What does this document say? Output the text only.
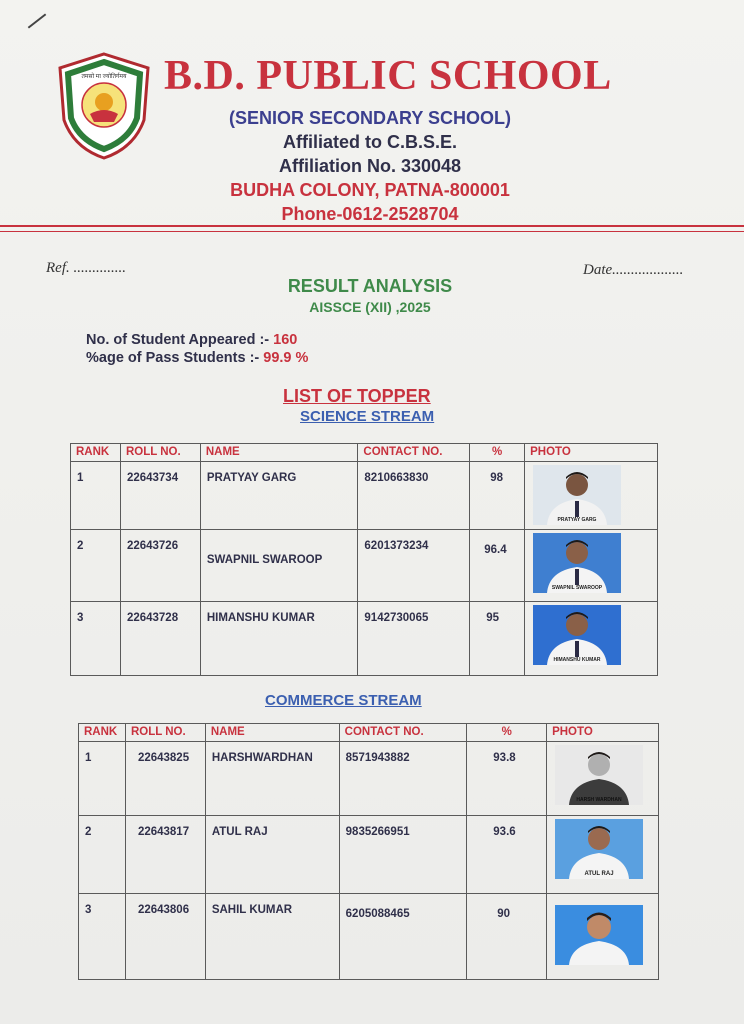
तमसो मा ज्योतिर्गमय B.D. PUBLIC SCHOOL
(SENIOR SECONDARY SCHOOL)
Affiliated to C.B.S.E.
Affiliation No. 330048
BUDHA COLONY, PATNA-800001
Phone-0612-2528704
Ref. ..............	Date...................
RESULT ANALYSIS
AISSCE (XII) ,2025
No. of Student Appeared :- 160
%age of Pass Students :- 99.9 %
LIST OF TOPPER
SCIENCE STREAM
RANK	ROLL NO.	NAME	CONTACT NO.	%	PHOTO
1	22643734	PRATYAY GARG	8210663830	98	PRATYAY GARG

2	22643726	SWAPNIL SWAROOP	6201373234	96.4	SWAPNIL SWAROOP

3	22643728	HIMANSHU KUMAR	9142730065	95	HIMANSHU KUMAR
COMMERCE STREAM
RANK	ROLL NO.	NAME	CONTACT NO.	%	PHOTO
1	22643825	HARSHWARDHAN	8571943882	93.8	HARSH WARDHAN

2	22643817	ATUL RAJ	9835266951	93.6	ATUL RAJ

3	22643806	SAHIL KUMAR	6205088465	90	
